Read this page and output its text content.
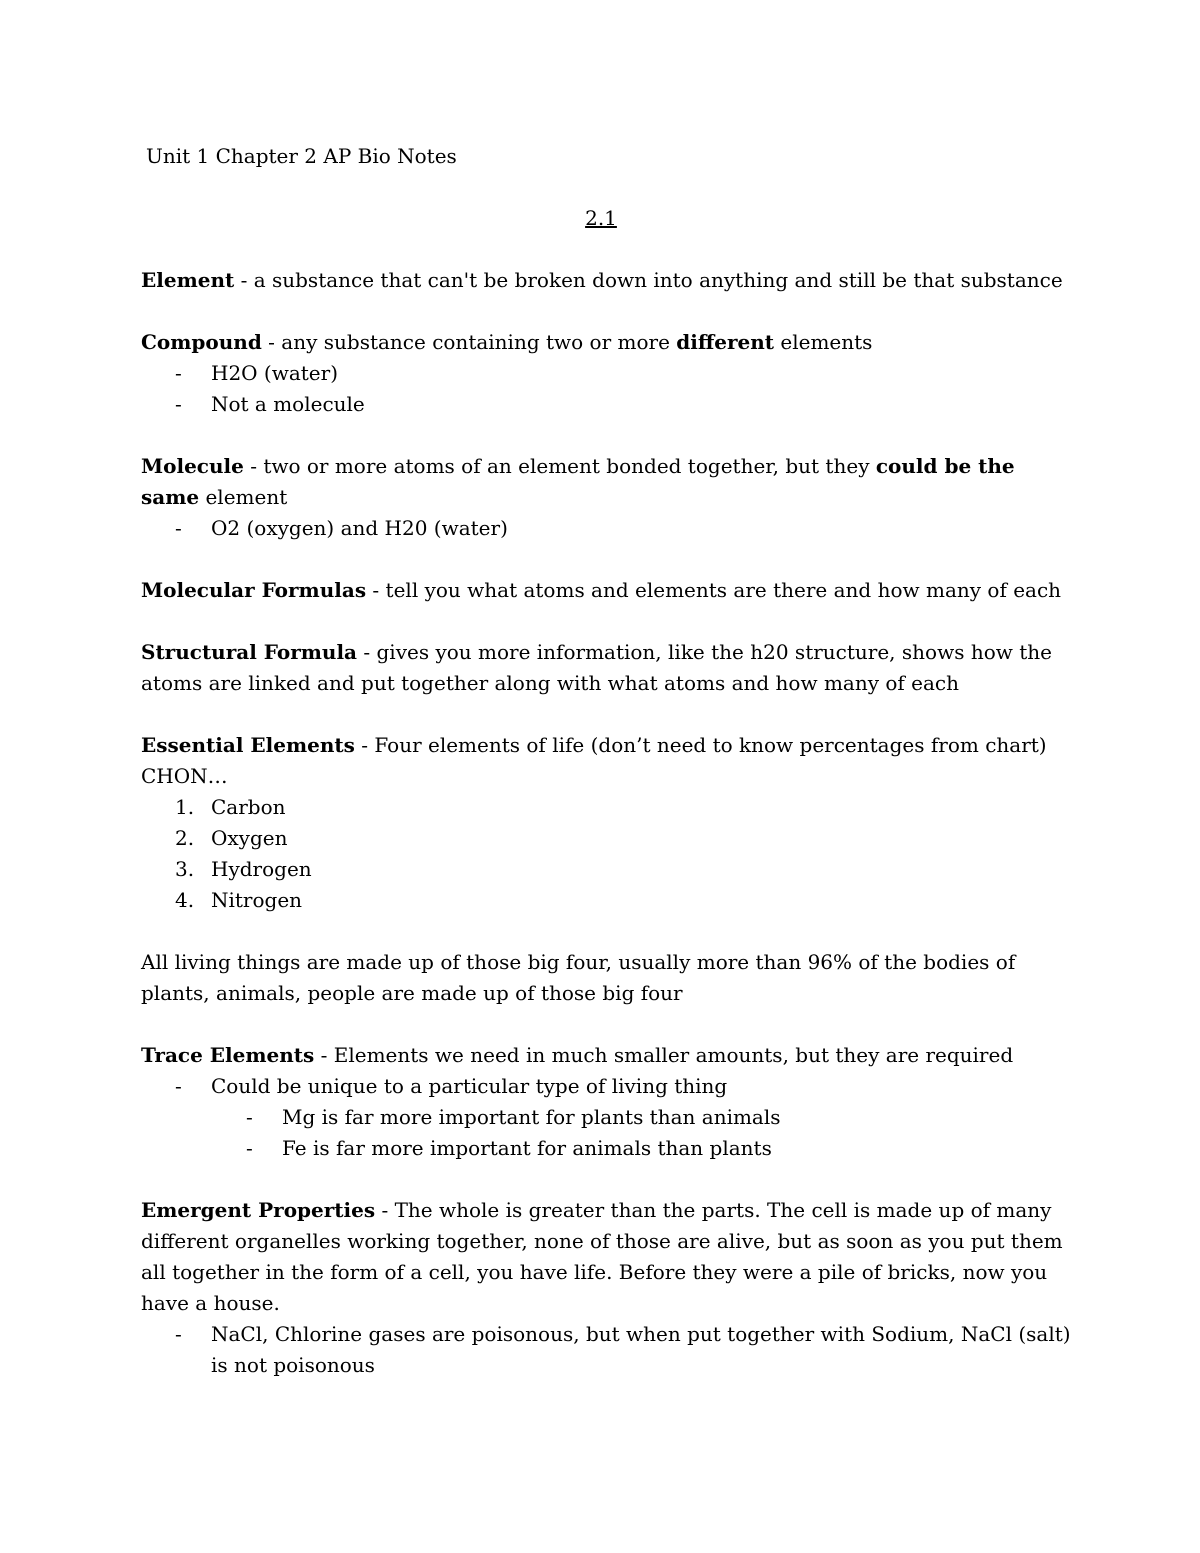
Unit 1 Chapter 2 AP Bio Notes

2.1

Element - a substance that can't be broken down into anything and still be that substance

Compound - any substance containing two or more different elements

- H2O (water)
- Not a molecule

Molecule - two or more atoms of an element bonded together, but they could be the same element

- O2 (oxygen) and H20 (water)

Molecular Formulas - tell you what atoms and elements are there and how many of each

Structural Formula - gives you more information, like the h20 structure, shows how the atoms are linked and put together along with what atoms and how many of each

Essential Elements - Four elements of life (don’t need to know percentages from chart)

CHON…

1. Carbon
2. Oxygen
3. Hydrogen
4. Nitrogen

All living things are made up of those big four, usually more than 96% of the bodies of plants, animals, people are made up of those big four

Trace Elements - Elements we need in much smaller amounts, but they are required

- Could be unique to a particular type of living thing
- Mg is far more important for plants than animals
- Fe is far more important for animals than plants

Emergent Properties - The whole is greater than the parts. The cell is made up of many different organelles working together, none of those are alive, but as soon as you put them all together in the form of a cell, you have life. Before they were a pile of bricks, now you have a house.

- NaCl, Chlorine gases are poisonous, but when put together with Sodium, NaCl (salt) is not poisonous
